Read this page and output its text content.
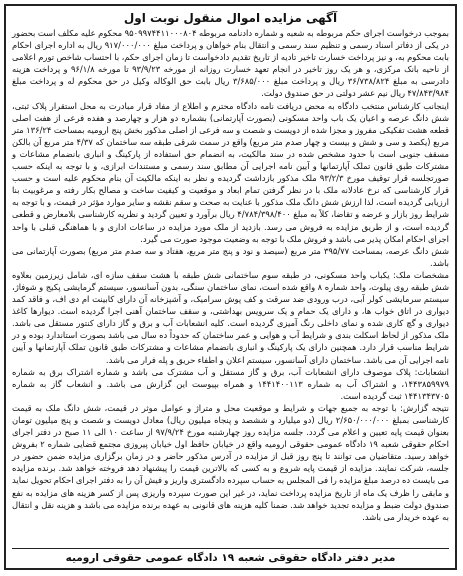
آگهی مزایده اموال منقول نوبت اول

بموجب درخواست اجرای حکم مربوطه به شعبه و شماره دادنامه مربوطه ۹۵۰۹۹۷۴۴۱۱۰۰۰۸۰۴ محکوم علیه مکلف است بحضور در یکی از دفاتر اسناد رسمی و تنظیم سند رسمی و انتقال بنام خواهان و پرداخت مبلغ ۹۱۷/۰۰۰/۰۰۰ ریال به اداره اجرای احکام بابت محکوم به، و نیز پرداخت خسارت تاخیر تادیه از تاریخ تقدیم دادخواست تا زمان اجرای حکم، با احتساب شاخص تورم اعلامی از ناحیه بانک مرکزی، و هر یک روز تاخیر در انجام تعهد خسارت روزانه از مورخه ۹۳/۹/۲۳ تا مورخه ۹۶/۱/۸ و پرداخت هزینه دادرسی به مبلغ ۳۶/۷۳۸/۸۲۴ ریال و پرداخت مبلغ ۳/۶۸۵/۰۰۰ ریال بابت حق الوکاله وکیل در حق محکوم له و پرداخت مبلغ ۴۷/۸۴۳/۹۸۴ ریال نیم عشر دولتی در حق صندوق دولت.

اینجانب کارشناس منتخب دادگاه به محض دریافت نامه دادگاه محترم و اطلاع از مفاد قرار مبادرت به محل استقرار پلاک ثبتی، شش دانگ عرصه و اعیان یک باب واحد مسکونی (بصورت آپارتمانی) بشماره دو هزار و چهارصد و هفده فرعی از هفت اصلی قطعه هشت تفکیکی مفروز و مجزا شده از دویست و شصت و سه فرعی از اصلی مذکور بخش پنج ارومیه بمساحت ۱۳۶/۲۴ متر مربع (یکصد و سی و شش و بیست و چهار صدم متر مربع) واقع در سمت شرقی طبقه سه ساختمان که ۴/۳۷ متر مربع آن بالکن مسقف جنوبی است با حدود مشخص شده در سند مالکیت، به انضمام حق استفاده از پارکینگ و انباری بانضمام مشاعات و مشترکات طبق قانون تملک آپارتمانها و آیین نامه اجرایی آن مطابق سند رسمی و مستندات ابرازی، و با توجه به اینکه حسب صورتجلسه قرار توقیف مورخ ۹۳/۲/۳ ملک مذکور بازداشت گردیده و نظر به اینکه مالکیت آن بنام محکوم علیه است و حسب قرار کارشناسی که نرخ عادلانه ملک با در نظر گرفتن تمام ابعاد و موقعیت و کیفیت ساخت و مصالح بکار رفته و مرغوبیت بنا ارزیابی گردیده است، لذا ارزش شش دانگ ملک مذکور با عنایت به صحت و سقم نقشه و سایر موارد مؤثر در قیمت، و با توجه به شرایط روز بازار و عرضه و تقاضا، کلاً به مبلغ ۴/۷۸۴/۳۹۸/۴۰۰ ریال برآورد و تعیین گردید و نظریه کارشناسی بلامعارض و قطعی گردیده است، و از طریق مزایده به فروش می رسد. بازدید از ملک مورد مزایده در ساعات اداری و با هماهنگی قبلی با واحد اجرای احکام امکان پذیر می باشد و فروش ملک با توجه به وضعیت موجود صورت می گیرد.

شش دانگ عرصه، بمساحت ۳۹۵/۷۷ متر مربع (سیصد و نود و پنج متر مربع، هفتاد و سه صدم متر مربع) بصورت آپارتمانی می باشد.

مشخصات ملک: یکباب واحد مسکونی، در طبقه سوم ساختمانی شش طبقه با هشت سقف سازه ای، شامل زیرزمین بعلاوه شش طبقه روی پیلوت، واحد شماره ۸ واقع شده است، نمای ساختمان سنگی، بدون آسانسور، سیستم گرمایشی پکیج و شوفاژ، سیستم سرمایشی کولر آبی، درب ورودی ضد سرقت و کف پوش سرامیک، و آشپزخانه آن دارای کابینت ام دی اف، و فاقد کمد دیواری در اتاق خواب ها، و دارای یک حمام و یک سرویس بهداشتی، و سقف ساختمان آهنی اجرا گردیده است. دیوارها کاغذ دیواری و گچ کاری شده و نمای داخلی رنگ آمیزی گردیده است. کلیه انشعابات آب و برق و گاز دارای کنتور مستقل می باشد. ملک مذکور از لحاظ اسکلت بندی و شرایط آب و هوایی و عمر ساختمان که حدوداً ده سال می باشد بصورت استاندارد بوده و در شرایط مناسب قرار دارد. همچنین دارای یک پارکینگ و انباری بانضمام مشاعات و مشترکات طبق قانون تملک آپارتمانها و آیین نامه اجرایی آن می باشد. ساختمان دارای آسانسور، سیستم اعلان و اطفاء حریق و پله فرار می باشد.

انشعابات: پلاک موصوف دارای انشعابات آب، برق و گاز مستقل و آب مشترک می باشد و شماره اشتراک برق به شماره ۱۴۴۳۸۵۹۹۷۹، و اشتراک آب به شماره ۱۴۴۱۴۰۰۱۱۳ و همراه بپیوست این گزارش می باشد. و انشعاب گاز به شماره ۱۴۴۱۳۴۳۷۰۵ ثبت گردیده است.

نتیجه گزارش: با توجه به جمیع جهات و شرایط و موقعیت محل و متراژ و عوامل موثر در قیمت، شش دانگ ملک به قیمت کارشناسی بمبلغ ۲/۶۵۰/۰۰۰/۰۰۰ ریال (دو میلیارد و ششصد و پنجاه میلیون ریال) معادل دویست و شصت و پنج میلیون تومان بعنوان قیمت پایه تعیین و اعلام می گردد. جلسه مزایده روز چهارشنبه مورخ ۹۷/۹/۲۴ از ساعت ۱۰ الی ۱۱ صبح در دفتر اجرای احکام حقوقی شعبه ۱۹ دادگاه عمومی حقوقی ارومیه واقع در خیابان حافظ اول خیابان پیروزی مجتمع قضایی شماره ۲ بفروش خواهد رسید. متقاضیان می توانند تا پنج روز قبل از مزایده در آدرس مذکور حاضر و در زمان برگزاری مزایده ضمن حضور در جلسه، شرکت نمایند. مزایده از قیمت پایه شروع و به کسی که بالاترین قیمت را پیشنهاد دهد فروخته خواهد شد. برنده مزایده می بایست ده درصد مبلغ مزایده را فی المجلس به حساب سپرده دادگستری واریز و فیش آن را به دفتر اجرای احکام تحویل نماید و مابقی را ظرف یک ماه از تاریخ مزایده پرداخت نماید، در غیر این صورت سپرده واریزی پس از کسر هزینه های مزایده به نفع صندوق دولت ضبط و مزایده تجدید خواهد شد. ضمنا کلیه هزینه های قانونی به عهده برنده مزایده می باشد و هزینه نقل و انتقال به عهده خریدار می باشد.

مدیر دفتر دادگاه حقوقی شعبه ۱۹ دادگاه عمومی حقوقی ارومیه
